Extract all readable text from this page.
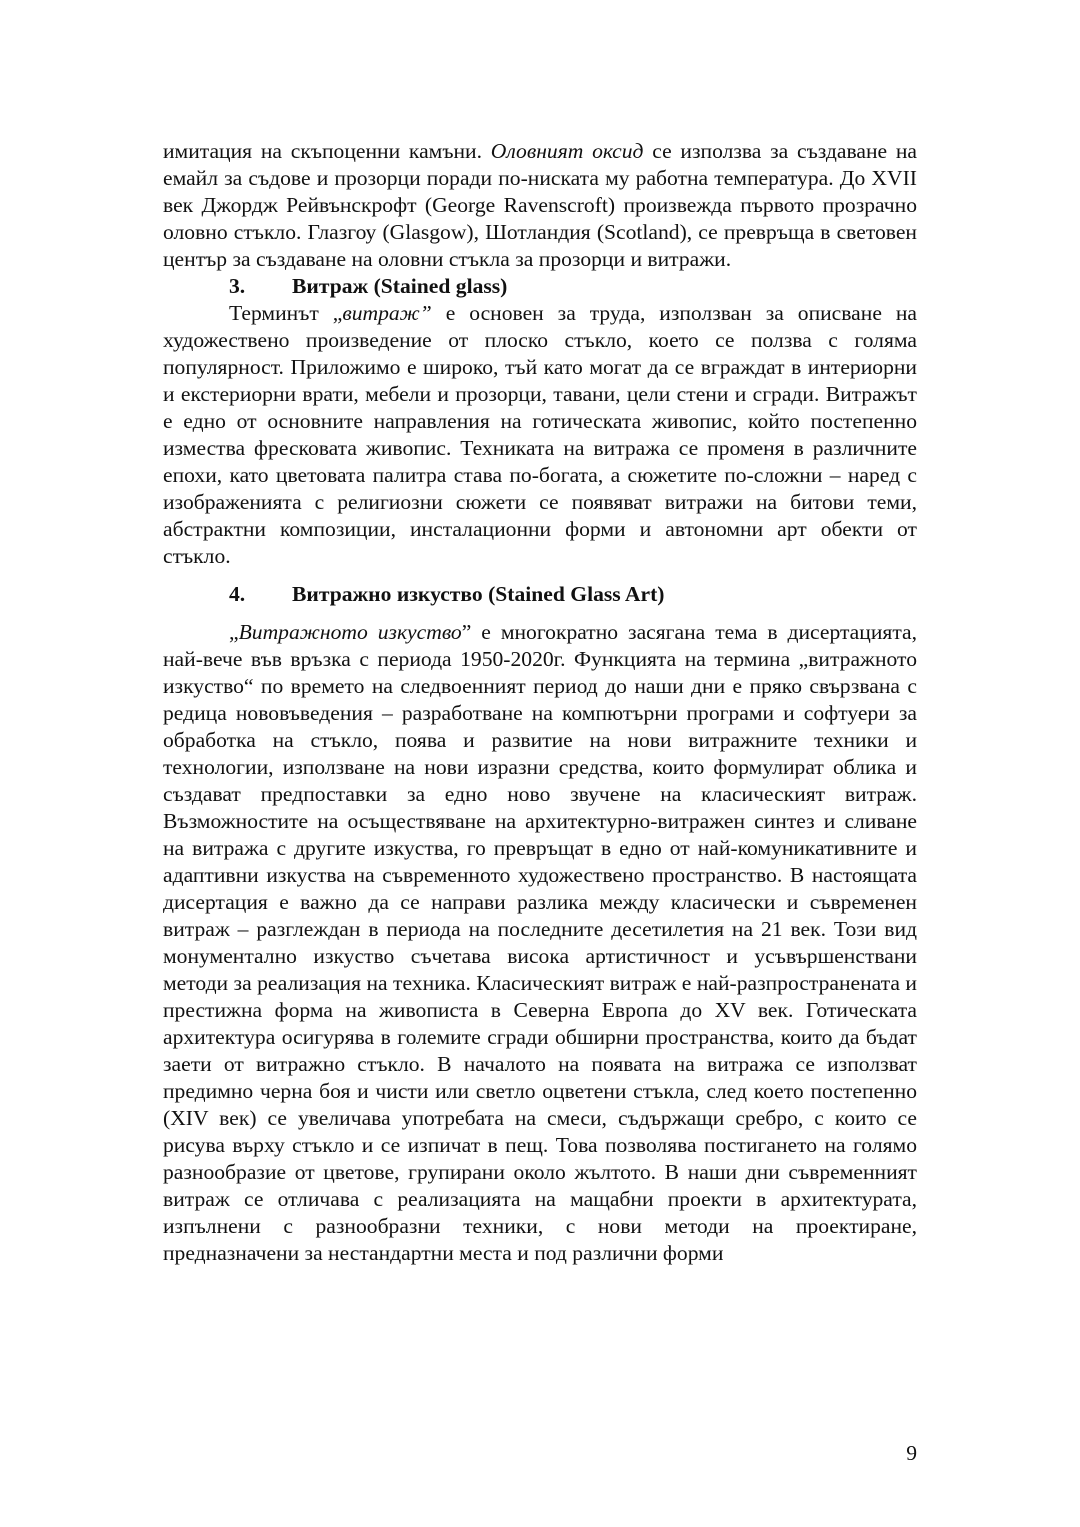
имитация на скъпоценни камъни. Оловният оксид се използва за създаване на емайл за съдове и прозорци поради по-ниската му работна температура. До XVII век Джордж Рейвънскрофт (George Ravenscroft) произвежда първото прозрачно оловно стъкло. Глазгоу (Glasgow), Шотландия (Scotland), се превръща в световен център за създаване на оловни стъкла за прозорци и витражи.

3. Витраж (Stained glass)

Терминът „витраж” е основен за труда, използван за описване на художествено произведение от плоско стъкло, което се ползва с голяма популярност. Приложимо е широко, тъй като могат да се вграждат в интериорни и екстериорни врати, мебели и прозорци, тавани, цели стени и сгради. Витражът е едно от основните направления на готическата живопис, който постепенно измества фресковата живопис. Техниката на витража се променя в различните епохи, като цветовата палитра става по-богата, а сюжетите по-сложни – наред с изображенията с религиозни сюжети се появяват витражи на битови теми, абстрактни композиции, инсталационни форми и автономни арт обекти от стъкло.

4. Витражно изкуство (Stained Glass Art)

„Витражното изкуство” е многократно засягана тема в дисертацията, най-вече във връзка с периода 1950-2020г. Функцията на термина „витражното изкуство“ по времето на следвоенният период до наши дни е пряко свързвана с редица нововъведения – разработване на компютърни програми и софтуери за обработка на стъкло, поява и развитие на нови витражните техники и технологии, използване на нови изразни средства, които формулират облика и създават предпоставки за едно ново звучене на класическият витраж. Възможностите на осъществяване на архитектурно-витражен синтез и сливане на витража с другите изкуства, го превръщат в едно от най-комуникативните и адаптивни изкуства на съвременното художествено пространство. В настоящата дисертация е важно да се направи разлика между класически и съвременен витраж – разглеждан в периода на последните десетилетия на 21 век. Този вид монументално изкуство съчетава висока артистичност и усъвършенствани методи за реализация на техника. Класическият витраж е най-разпространената и престижна форма на живописта в Северна Европа до XV век. Готическата архитектура осигурява в големите сгради обширни пространства, които да бъдат заети от витражно стъкло. В началото на появата на витража се използват предимно черна боя и чисти или светло оцветени стъкла, след което постепенно (XIV век) се увеличава употребата на смеси, съдържащи сребро, с които се рисува върху стъкло и се изпичат в пещ. Това позволява постигането на голямо разнообразие от цветове, групирани около жълтото. В наши дни съвременният витраж се отличава с реализацията на мащабни проекти в архитектурата, изпълнени с разнообразни техники, с нови методи на проектиране, предназначени за нестандартни места и под различни форми

9
